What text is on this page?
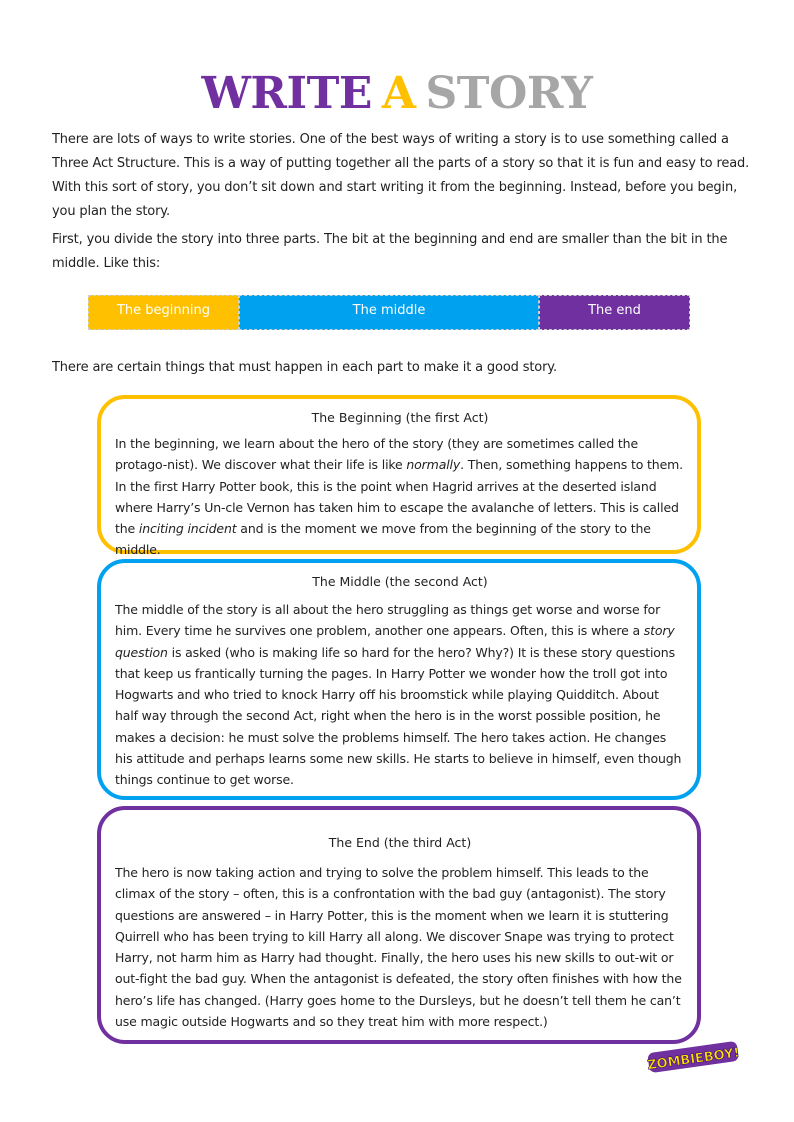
WRITE A STORY

There are lots of ways to write stories. One of the best ways of writing a story is to use something called a Three Act Structure. This is a way of putting together all the parts of a story so that it is fun and easy to read. With this sort of story, you don’t sit down and start writing it from the beginning. Instead, before you begin, you plan the story.

First, you divide the story into three parts. The bit at the beginning and end are smaller than the bit in the middle. Like this:

The beginning	The middle	The end

There are certain things that must happen in each part to make it a good story.

The Beginning (the first Act)

In the beginning, we learn about the hero of the story (they are sometimes called the protago-nist). We discover what their life is like normally. Then, something happens to them. In the first Harry Potter book, this is the point when Hagrid arrives at the deserted island where Harry’s Un-cle Vernon has taken him to escape the avalanche of letters. This is called the inciting incident and is the moment we move from the beginning of the story to the middle.

The Middle (the second Act)

The middle of the story is all about the hero struggling as things get worse and worse for him. Every time he survives one problem, another one appears. Often, this is where a story question is asked (who is making life so hard for the hero? Why?) It is these story questions that keep us frantically turning the pages. In Harry Potter we wonder how the troll got into Hogwarts and who tried to knock Harry off his broomstick while playing Quidditch. About half way through the second Act, right when the hero is in the worst possible position, he makes a decision: he must solve the problems himself. The hero takes action. He changes his attitude and perhaps learns some new skills. He starts to believe in himself, even though things continue to get worse.

The End (the third Act)

The hero is now taking action and trying to solve the problem himself. This leads to the climax of the story – often, this is a confrontation with the bad guy (antagonist). The story questions are answered – in Harry Potter, this is the moment when we learn it is stuttering Quirrell who has been trying to kill Harry all along. We discover Snape was trying to protect Harry, not harm him as Harry had thought. Finally, the hero uses his new skills to out-wit or out-fight the bad guy. When the antagonist is defeated, the story often finishes with how the hero’s life has changed. (Harry goes home to the Dursleys, but he doesn’t tell them he can’t use magic outside Hogwarts and so they treat him with more respect.)

ZOMBIEBOY!
